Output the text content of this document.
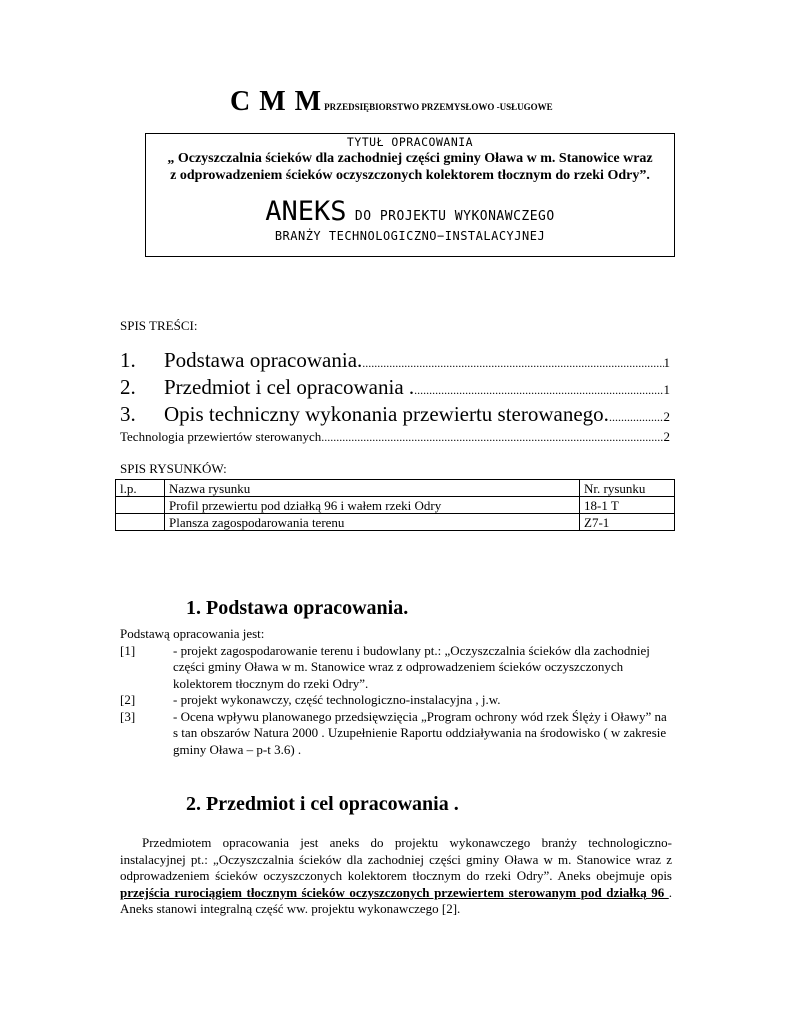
C M M PRZEDSIĘBIORSTWO PRZEMYSŁOWO -USŁUGOWE
TYTUŁ OPRACOWANIA
„ Oczyszczalnia ścieków dla zachodniej części gminy Oława w m. Stanowice wraz
z odprowadzeniem ścieków oczyszczonych kolektorem tłocznym do rzeki Odry”.
ANEKS DO PROJEKTU WYKONAWCZEGO
BRANŻY TECHNOLOGICZNO−INSTALACYJNEJ
SPIS TREŚCI:
1.	Podstawa opracowania. .....	1
2.	Przedmiot i cel opracowania . .....	1
3.	Opis techniczny wykonania przewiertu sterowanego. .....	2
Technologia przewiertów sterowanych .....	2
SPIS RYSUNKÓW:
l.p.	Nazwa rysunku	Nr. rysunku
	Profil przewiertu pod działką 96 i wałem rzeki Odry	18-1 T
	Plansza zagospodarowania terenu	Z7-1
1. Podstawa opracowania.
Podstawą opracowania jest:
[1]	- projekt zagospodarowanie terenu i budowlany pt.: „Oczyszczalnia ścieków dla zachodniej części gminy Oława w m. Stanowice wraz z odprowadzeniem ścieków oczyszczonych kolektorem tłocznym do rzeki Odry”.
[2]	- projekt wykonawczy, część technologiczno-instalacyjna , j.w.
[3]	- Ocena wpływu planowanego przedsięwzięcia „Program ochrony wód rzek Ślęży i Oławy” na s tan obszarów Natura 2000 . Uzupełnienie Raportu oddziaływania na środowisko ( w zakresie gminy Oława – p-t 3.6) .
2. Przedmiot i cel opracowania .
Przedmiotem opracowania jest aneks do projektu wykonawczego branży technologiczno-instalacyjnej pt.: „Oczyszczalnia ścieków dla zachodniej części gminy Oława w m. Stanowice wraz z odprowadzeniem ścieków oczyszczonych kolektorem tłocznym do rzeki Odry”. Aneks obejmuje opis przejścia rurociągiem tłocznym ścieków oczyszczonych przewiertem sterowanym pod działką 96 . Aneks stanowi integralną część ww. projektu wykonawczego [2].
